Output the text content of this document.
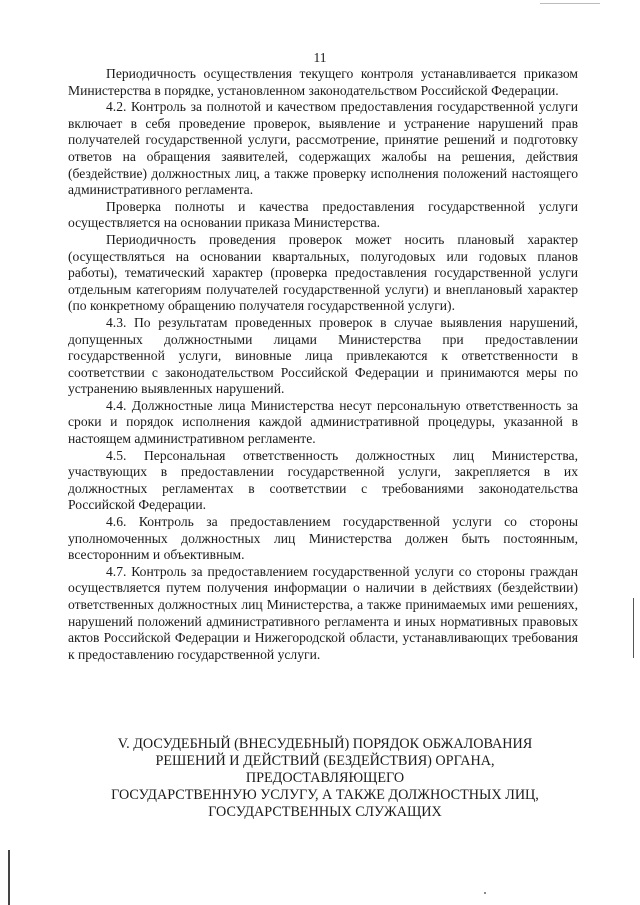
11

Периодичность осуществления текущего контроля устанавливается приказом Министерства в порядке, установленном законодательством Российской Федерации.

4.2. Контроль за полнотой и качеством предоставления государственной услуги включает в себя проведение проверок, выявление и устранение нарушений прав получателей государственной услуги, рассмотрение, принятие решений и подготовку ответов на обращения заявителей, содержащих жалобы на решения, действия (бездействие) должностных лиц, а также проверку исполнения положений настоящего административного регламента.

Проверка полноты и качества предоставления государственной услуги осуществляется на основании приказа Министерства.

Периодичность проведения проверок может носить плановый характер (осуществляться на основании квартальных, полугодовых или годовых планов работы), тематический характер (проверка предоставления государственной услуги отдельным категориям получателей государственной услуги) и внеплановый характер (по конкретному обращению получателя государственной услуги).

4.3. По результатам проведенных проверок в случае выявления нарушений, допущенных должностными лицами Министерства при предоставлении государственной услуги, виновные лица привлекаются к ответственности в соответствии с законодательством Российской Федерации и принимаются меры по устранению выявленных нарушений.

4.4. Должностные лица Министерства несут персональную ответственность за сроки и порядок исполнения каждой административной процедуры, указанной в настоящем административном регламенте.

4.5. Персональная ответственность должностных лиц Министерства, участвующих в предоставлении государственной услуги, закрепляется в их должностных регламентах в соответствии с требованиями законодательства Российской Федерации.

4.6. Контроль за предоставлением государственной услуги со стороны уполномоченных должностных лиц Министерства должен быть постоянным, всесторонним и объективным.

4.7. Контроль за предоставлением государственной услуги со стороны граждан осуществляется путем получения информации о наличии в действиях (бездействии) ответственных должностных лиц Министерства, а также принимаемых ими решениях, нарушений положений административного регламента и иных нормативных правовых актов Российской Федерации и Нижегородской области, устанавливающих требования к предоставлению государственной услуги.

V. ДОСУДЕБНЫЙ (ВНЕСУДЕБНЫЙ) ПОРЯДОК ОБЖАЛОВАНИЯ
РЕШЕНИЙ И ДЕЙСТВИЙ (БЕЗДЕЙСТВИЯ) ОРГАНА,
ПРЕДОСТАВЛЯЮЩЕГО
ГОСУДАРСТВЕННУЮ УСЛУГУ, А ТАКЖЕ ДОЛЖНОСТНЫХ ЛИЦ,
ГОСУДАРСТВЕННЫХ СЛУЖАЩИХ
